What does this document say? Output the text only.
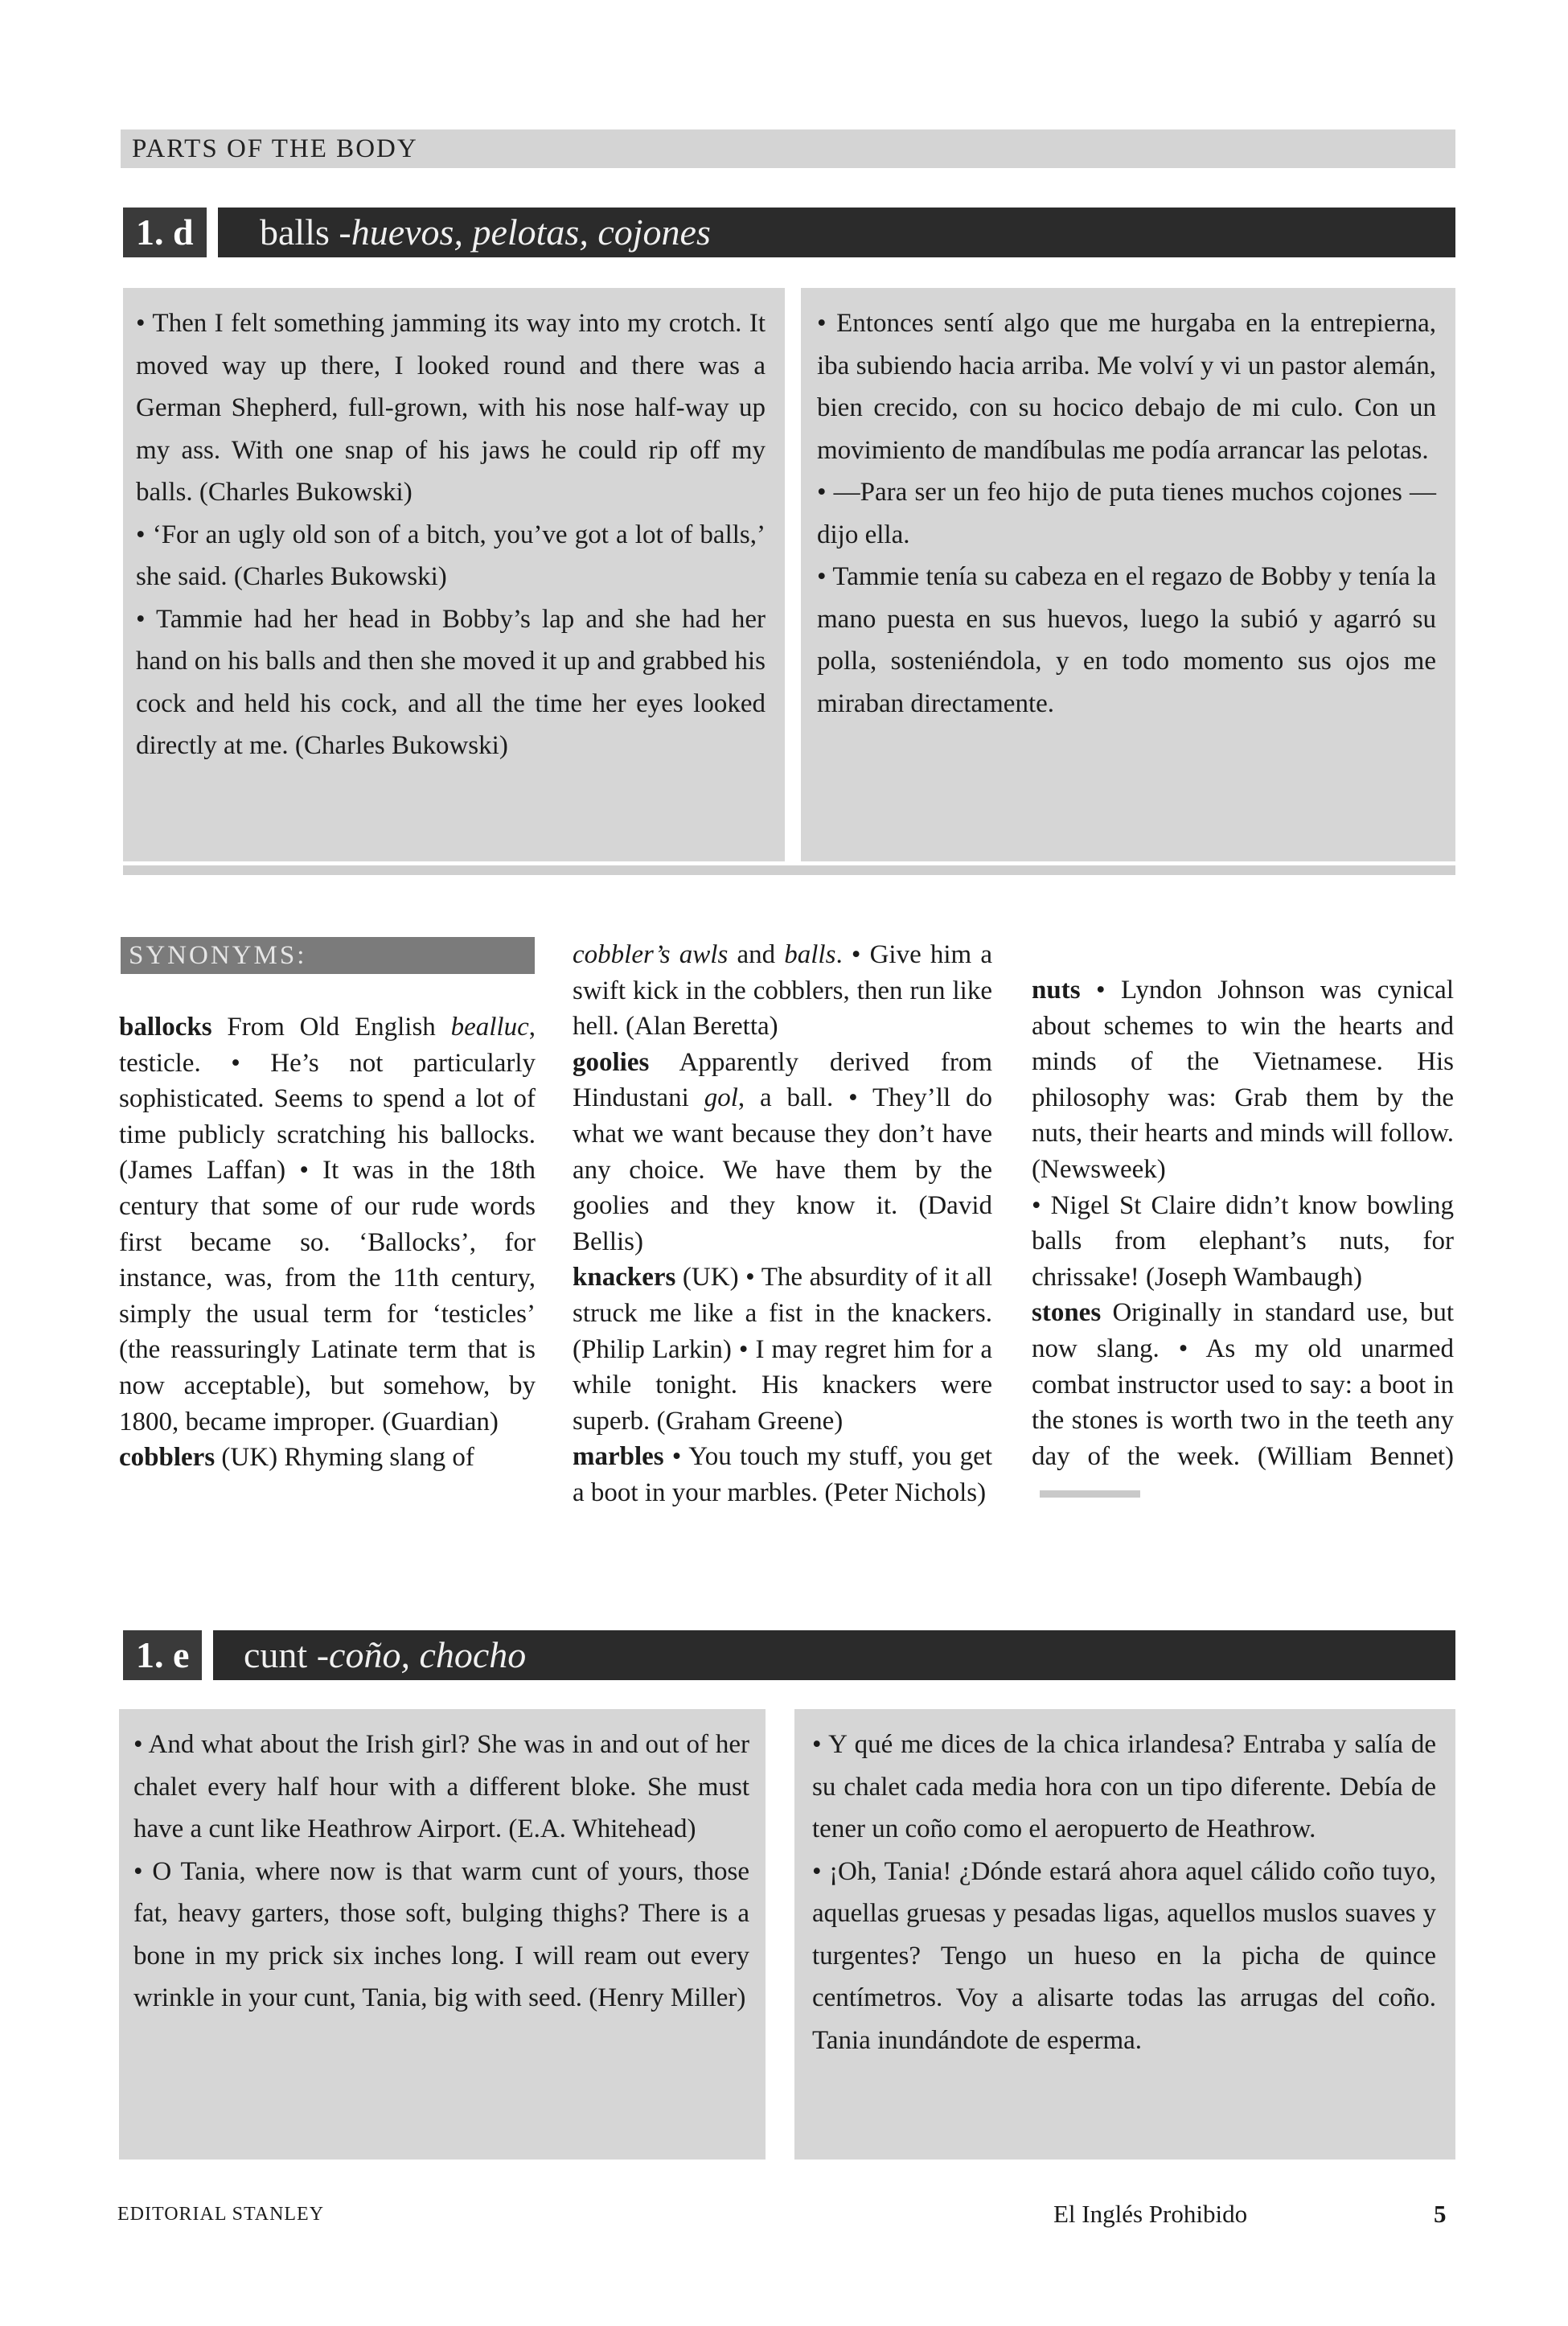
PARTS OF THE BODY
1. d	balls -huevos, pelotas, cojones

• Then I felt something jamming its way into my crotch. It moved way up there, I looked round and there was a German Shepherd, full-grown, with his nose half-way up my ass. With one snap of his jaws he could rip off my balls. (Charles Bukowski)

• ‘For an ugly old son of a bitch, you’ve got a lot of balls,’ she said. (Charles Bukowski)

• Tammie had her head in Bobby’s lap and she had her hand on his balls and then she moved it up and grabbed his cock and held his cock, and all the time her eyes looked directly at me. (Charles Bukowski)

• Entonces sentí algo que me hurgaba en la entrepierna, iba subiendo hacia arriba. Me volví y vi un pastor alemán, bien crecido, con su hocico debajo de mi culo. Con un movimiento de mandíbulas me podía arrancar las pelotas.

• —Para ser un feo hijo de puta tienes muchos cojones —dijo ella.

• Tammie tenía su cabeza en el regazo de Bobby y tenía la mano puesta en sus huevos, luego la subió y agarró su polla, sosteniéndola, y en todo momento sus ojos me miraban directamente.

SYNONYMS:

ballocks From Old English bealluc, testicle. • He’s not particularly sophisticated. Seems to spend a lot of time publicly scratching his ballocks. (James Laffan) • It was in the 18th century that some of our rude words first became so. ‘Ballocks’, for instance, was, from the 11th century, simply the usual term for ‘testicles’ (the reassuringly Latinate term that is now acceptable), but somehow, by 1800, became improper. (Guardian)

cobblers (UK) Rhyming slang of

cobbler’s awls and balls. • Give him a swift kick in the cobblers, then run like hell. (Alan Beretta)

goolies Apparently derived from Hindustani gol, a ball. • They’ll do what we want because they don’t have any choice. We have them by the goolies and they know it. (David Bellis)

knackers (UK) • The absurdity of it all struck me like a fist in the knackers. (Philip Larkin) • I may regret him for a while tonight. His knackers were superb. (Graham Greene)

marbles • You touch my stuff, you get a boot in your marbles. (Peter Nichols)

nuts • Lyndon Johnson was cynical about schemes to win the hearts and minds of the Vietnamese. His philosophy was: Grab them by the nuts, their hearts and minds will follow. (Newsweek)

• Nigel St Claire didn’t know bowling balls from elephant’s nuts, for chrissake! (Joseph Wambaugh)

stones Originally in standard use, but now slang. • As my old unarmed combat instructor used to say: a boot in the stones is worth two in the teeth any day of the week. (William Bennet)

1. e	cunt -coño, chocho

• And what about the Irish girl? She was in and out of her chalet every half hour with a different bloke. She must have a cunt like Heathrow Airport. (E.A. Whitehead)

• O Tania, where now is that warm cunt of yours, those fat, heavy garters, those soft, bulging thighs? There is a bone in my prick six inches long. I will ream out every wrinkle in your cunt, Tania, big with seed. (Henry Miller)

• Y qué me dices de la chica irlandesa? Entraba y salía de su chalet cada media hora con un tipo diferente. Debía de tener un coño como el aeropuerto de Heathrow.

• ¡Oh, Tania! ¿Dónde estará ahora aquel cálido coño tuyo, aquellas gruesas y pesadas ligas, aquellos muslos suaves y turgentes? Tengo un hueso en la picha de quince centímetros. Voy a alisarte todas las arrugas del coño. Tania inundándote de esperma.

EDITORIAL STANLEY	El Inglés Prohibido	5
